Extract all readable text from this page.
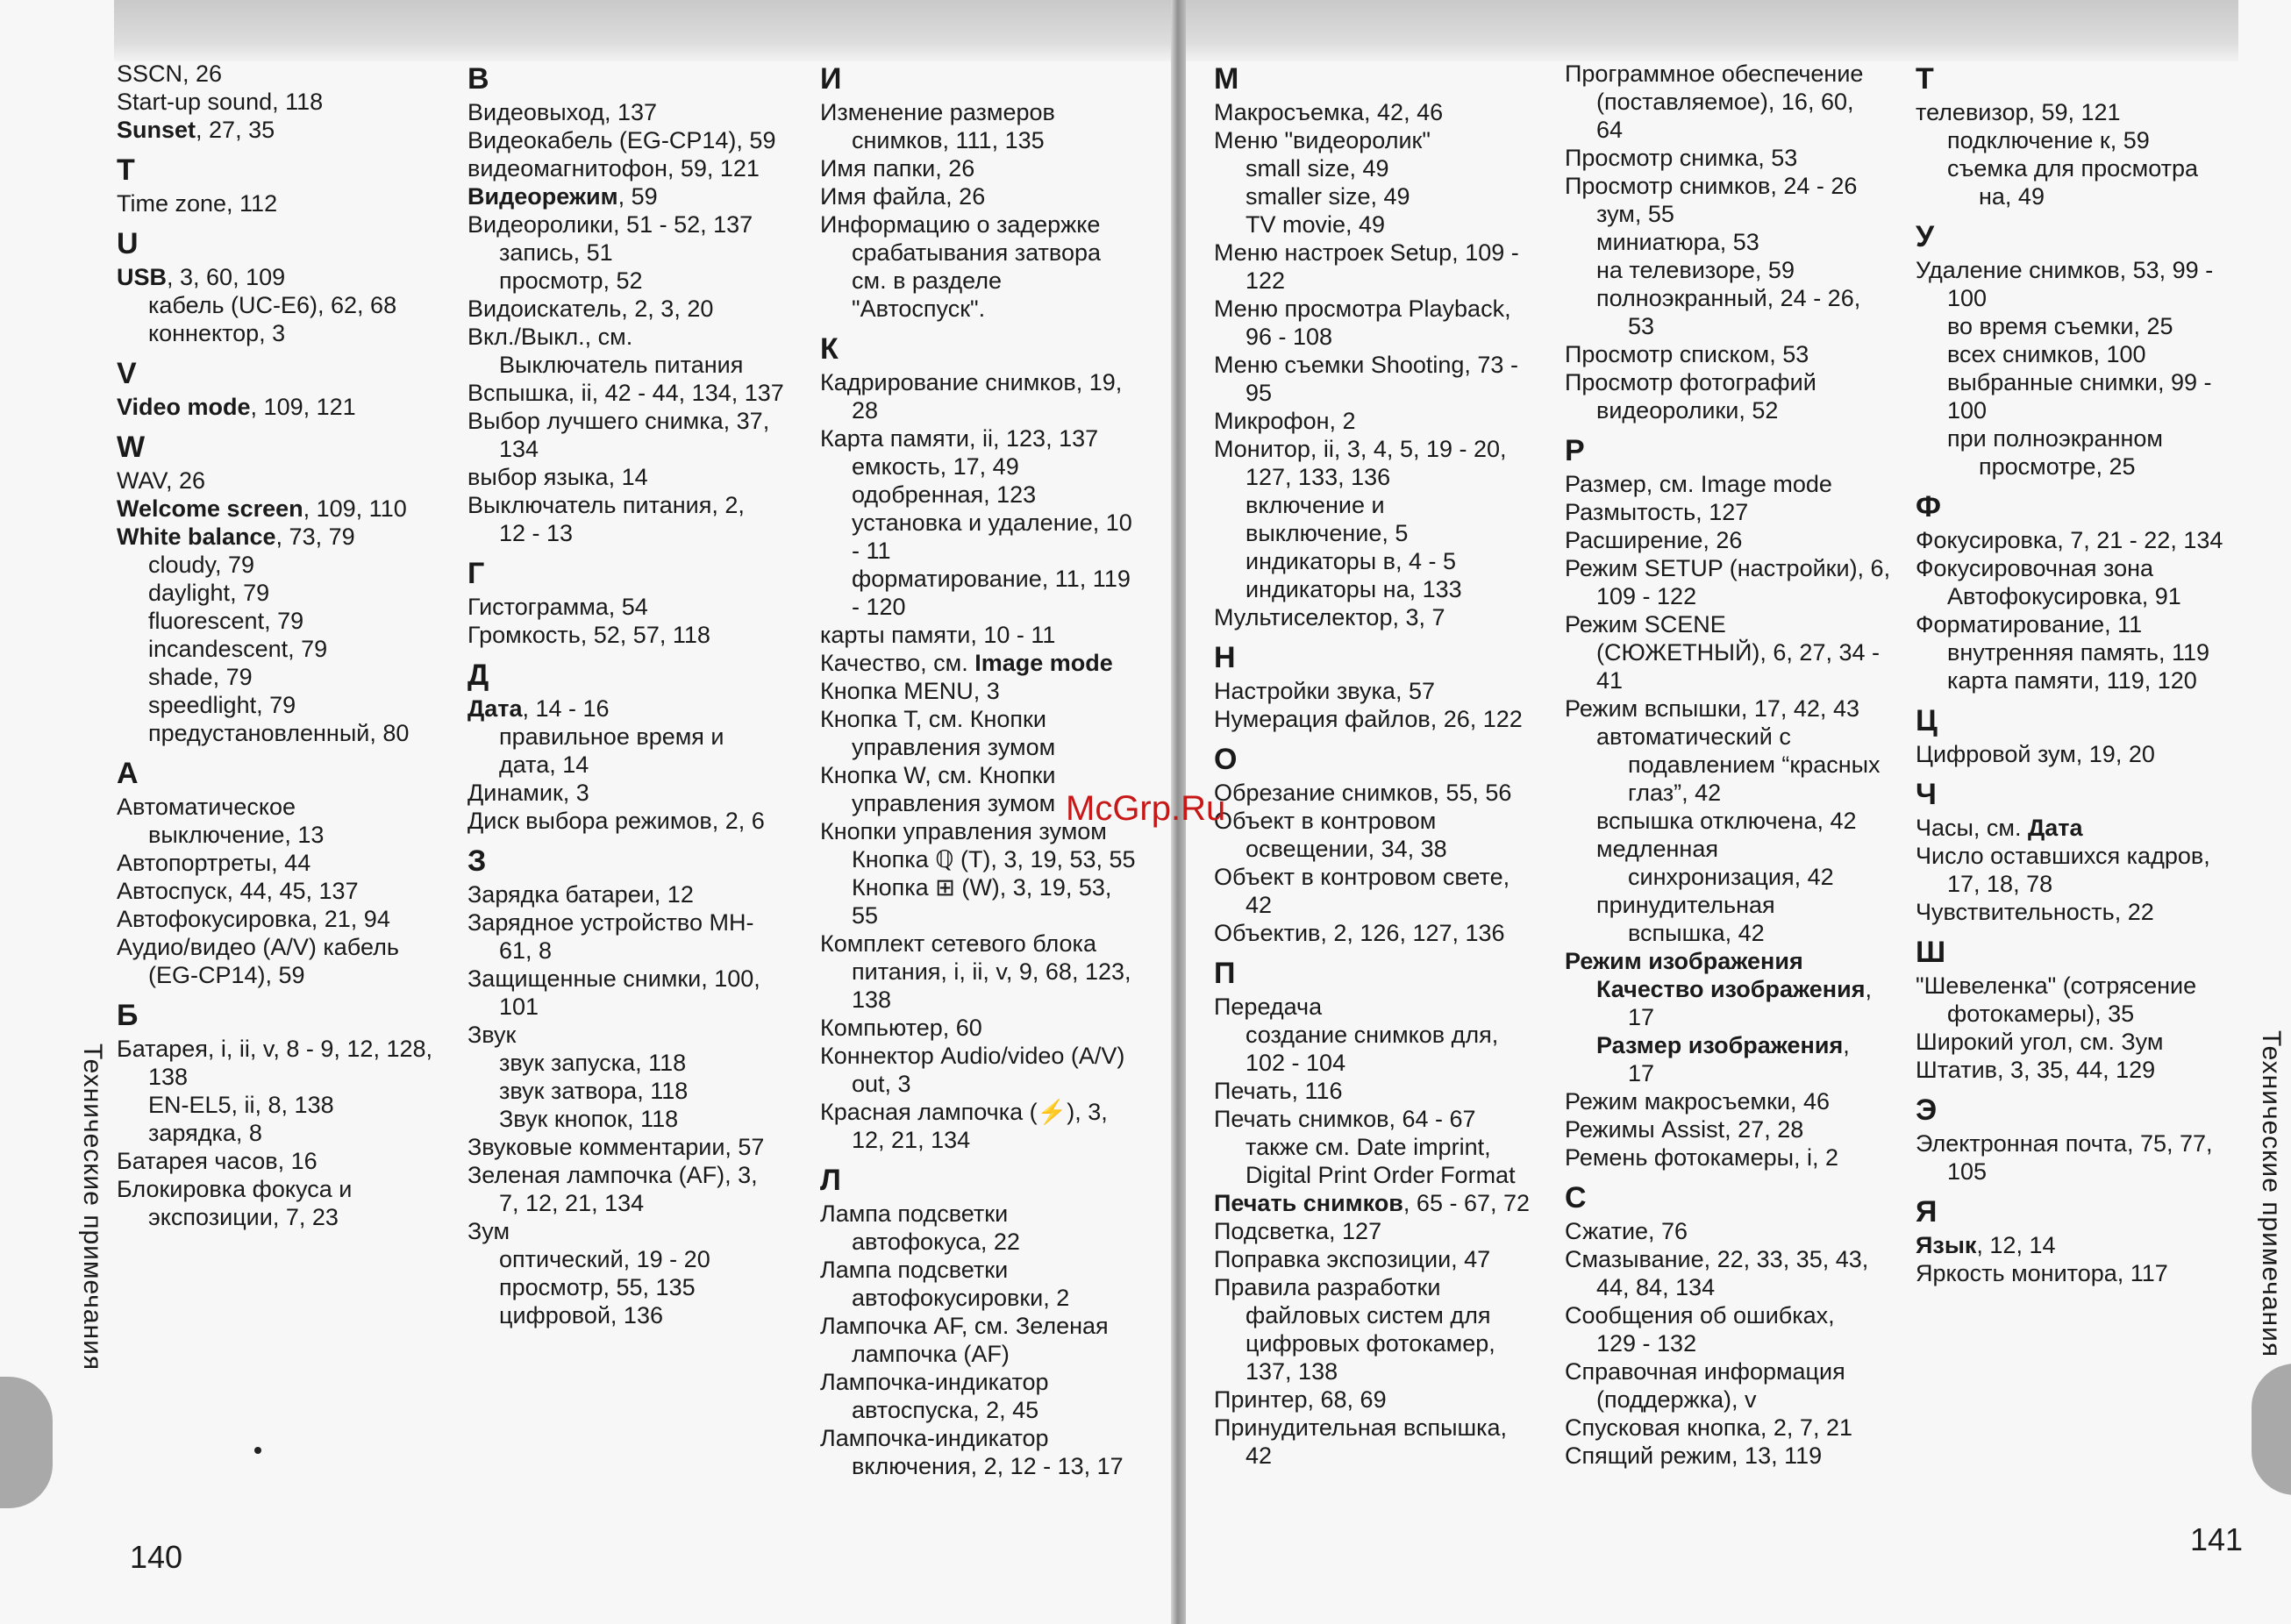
SSCN, 26
Start-up sound, 118
Sunset, 27, 35
T
Time zone, 112
U
USB, 3, 60, 109
кабель (UC-E6), 62, 68
коннектор, 3
V
Video mode, 109, 121
W
WAV, 26
Welcome screen, 109, 110
White balance, 73, 79
cloudy, 79
daylight, 79
fluorescent, 79
incandescent, 79
shade, 79
speedlight, 79
предустановленный, 80
А
Автоматическое
выключение, 13
Автопортреты, 44
Автоспуск, 44, 45, 137
Автофокусировка, 21, 94
Аудио/видео (A/V) кабель
(EG-CP14), 59
Б
Батарея, i, ii, v, 8 - 9, 12, 128,
138
EN-EL5, ii, 8, 138
зарядка, 8
Батарея часов, 16
Блокировка фокуса и
экспозиции, 7, 23
В
Видеовыход, 137
Видеокабель (EG-CP14), 59
видеомагнитофон, 59, 121
Видеорежим, 59
Видеоролики, 51 - 52, 137
запись, 51
просмотр, 52
Видоискатель, 2, 3, 20
Вкл./Выкл., см.
Выключатель питания
Вспышка, ii, 42 - 44, 134, 137
Выбор лучшего снимка, 37,
134
выбор языка, 14
Выключатель питания, 2,
12 - 13
Г
Гистограмма, 54
Громкость, 52, 57, 118
Д
Дата, 14 - 16
правильное время и
дата, 14
Динамик, 3
Диск выбора режимов, 2, 6
З
Зарядка батареи, 12
Зарядное устройство MH-
61, 8
Защищенные снимки, 100,
101
Звук
звук запуска, 118
звук затвора, 118
Звук кнопок, 118
Звуковые комментарии, 57
Зеленая лампочка (AF), 3,
7, 12, 21, 134
Зум
оптический, 19 - 20
просмотр, 55, 135
цифровой, 136
И
Изменение размеров
снимков, 111, 135
Имя папки, 26
Имя файла, 26
Информацию о задержке
срабатывания затвора
см. в разделе
"Автоспуск".
К
Кадрирование снимков, 19,
28
Карта памяти, ii, 123, 137
емкость, 17, 49
одобренная, 123
установка и удаление, 10
- 11
форматирование, 11, 119
- 120
карты памяти, 10 - 11
Качество, см. Image mode
Кнопка MENU, 3
Кнопка T, см. Кнопки
управления зумом
Кнопка W, см. Кнопки
управления зумом
Кнопки управления зумом
Кнопка ℚ (T), 3, 19, 53, 55
Кнопка ⊞ (W), 3, 19, 53,
55
Комплект сетевого блока
питания, i, ii, v, 9, 68, 123,
138
Компьютер, 60
Коннектор Audio/video (A/V)
out, 3
Красная лампочка (⚡), 3,
12, 21, 134
Л
Лампа подсветки
автофокуса, 22
Лампа подсветки
автофокусировки, 2
Лампочка AF, см. Зеленая
лампочка (AF)
Лампочка-индикатор
автоспуска, 2, 45
Лампочка-индикатор
включения, 2, 12 - 13, 17
Технические примечания
140
М
Макросъемка, 42, 46
Меню "видеоролик"
small size, 49
smaller size, 49
TV movie, 49
Меню настроек Setup, 109 -
122
Меню просмотра Playback,
96 - 108
Меню съемки Shooting, 73 -
95
Микрофон, 2
Монитор, ii, 3, 4, 5, 19 - 20,
127, 133, 136
включение и
выключение, 5
индикаторы в, 4 - 5
индикаторы на, 133
Мультиселектор, 3, 7
Н
Настройки звука, 57
Нумерация файлов, 26, 122
О
Обрезание снимков, 55, 56
Объект в контровом
освещении, 34, 38
Объект в контровом свете,
42
Объектив, 2, 126, 127, 136
П
Передача
создание снимков для,
102 - 104
Печать, 116
Печать снимков, 64 - 67
также см. Date imprint,
Digital Print Order Format
Печать снимков, 65 - 67, 72
Подсветка, 127
Поправка экспозиции, 47
Правила разработки
файловых систем для
цифровых фотокамер,
137, 138
Принтер, 68, 69
Принудительная вспышка,
42
Программное обеспечение
(поставляемое), 16, 60,
64
Просмотр снимка, 53
Просмотр снимков, 24 - 26
зум, 55
миниатюра, 53
на телевизоре, 59
полноэкранный, 24 - 26,
53
Просмотр списком, 53
Просмотр фотографий
видеоролики, 52
Р
Размер, см. Image mode
Размытость, 127
Расширение, 26
Режим SETUP (настройки), 6,
109 - 122
Режим SCENE
(СЮЖЕТНЫЙ), 6, 27, 34 -
41
Режим вспышки, 17, 42, 43
автоматический с
подавлением “красных
глаз”, 42
вспышка отключена, 42
медленная
синхронизация, 42
принудительная
вспышка, 42
Режим изображения
Качество изображения,
17
Размер изображения,
17
Режим макросъемки, 46
Режимы Assist, 27, 28
Ремень фотокамеры, i, 2
С
Сжатие, 76
Смазывание, 22, 33, 35, 43,
44, 84, 134
Сообщения об ошибках,
129 - 132
Справочная информация
(поддержка), v
Спусковая кнопка, 2, 7, 21
Спящий режим, 13, 119
Т
телевизор, 59, 121
подключение к, 59
съемка для просмотра
на, 49
У
Удаление снимков, 53, 99 -
100
во время съемки, 25
всех снимков, 100
выбранные снимки, 99 -
100
при полноэкранном
просмотре, 25
Ф
Фокусировка, 7, 21 - 22, 134
Фокусировочная зона
Автофокусировка, 91
Форматирование, 11
внутренняя память, 119
карта памяти, 119, 120
Ц
Цифровой зум, 19, 20
Ч
Часы, см. Дата
Число оставшихся кадров,
17, 18, 78
Чувствительность, 22
Ш
"Шевеленка" (сотрясение
фотокамеры), 35
Широкий угол, см. Зум
Штатив, 3, 35, 44, 129
Э
Электронная почта, 75, 77,
105
Я
Язык, 12, 14
Яркость монитора, 117	Технические примечания
141
McGrp.Ru
